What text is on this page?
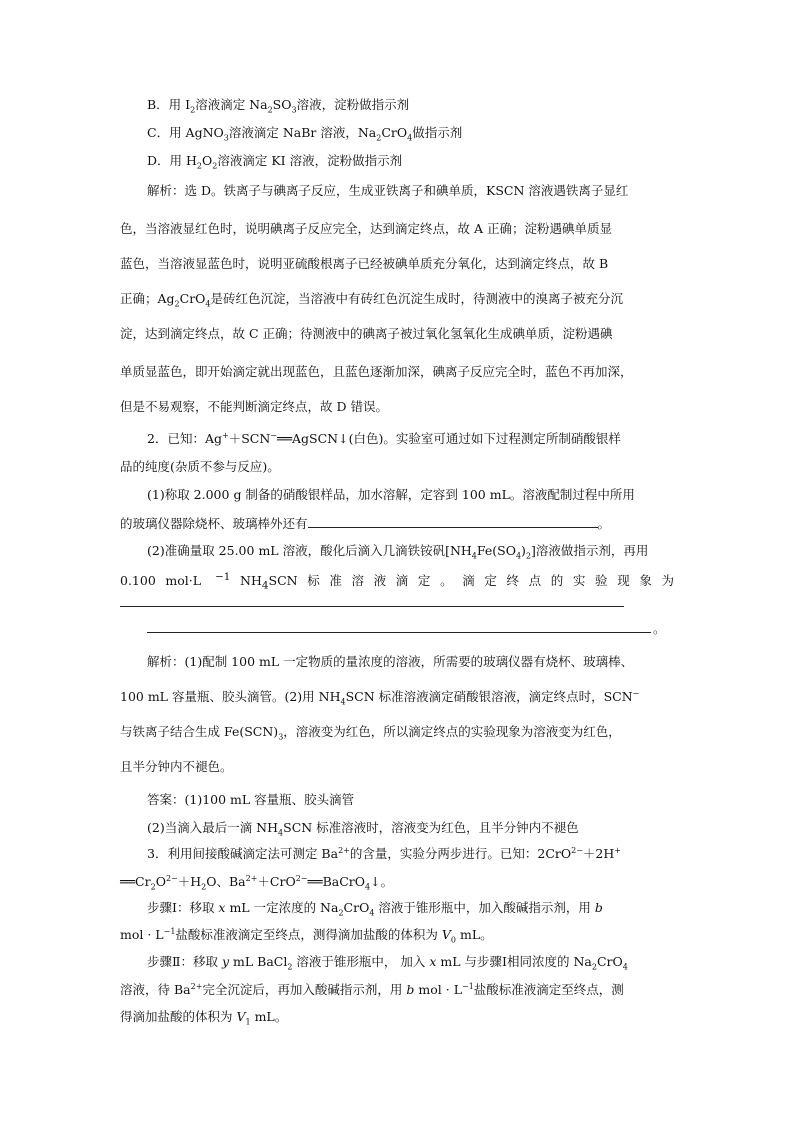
B．用 $I_2$溶液滴定 $Na_2SO_3$溶液，淀粉做指示剂
C．用 AgNO$_3$溶液滴定 NaBr 溶液，$Na_2CrO_4$做指示剂
D．用 $H_2O_2$溶液滴定 KI 溶液，淀粉做指示剂
解析：选 D。铁离子与碘离子反应，生成亚铁离子和碘单质，KSCN 溶液遇铁离子显红
色，当溶液显红色时，说明碘离子反应完全，达到滴定终点，故 A 正确；淀粉遇碘单质显
蓝色，当溶液显蓝色时，说明亚硫酸根离子已经被碘单质充分氧化，达到滴定终点，故 B
正确；$Ag_2CrO_4$是砖红色沉淀，当溶液中有砖红色沉淀生成时，待测液中的溴离子被充分沉
淀，达到滴定终点，故 C 正确；待测液中的碘离子被过氧化氢氧化生成碘单质，淀粉遇碘
单质显蓝色，即开始滴定就出现蓝色，且蓝色逐渐加深，碘离子反应完全时，蓝色不再加深，
但是不易观察，不能判断滴定终点，故 D 错误。
2．已知：Ag+＋SCN−══AgSCN↓(白色)。实验室可通过如下过程测定所制硝酸银样
品的纯度(杂质不参与反应)。
(1)称取 2.000 g 制备的硝酸银样品，加水溶解，定容到 100 mL。溶液配制过程中所用
的玻璃仪器除烧杯、玻璃棒外还有	。
(2)准确量取 25.00 mL 溶液，酸化后滴入几滴铁铵矾$[NH_4Fe(SO_4)_2]$溶液做指示剂，再用
0.100 mol·L $^{-1}$ $NH_4SCN$ 标 准 溶 液 滴 定 。 滴 定 终 点 的 实 验 现 象 为
。
解析：(1)配制 100 mL 一定物质的量浓度的溶液，所需要的玻璃仪器有烧杯、玻璃棒、
100 mL 容量瓶、胶头滴管。(2)用 $NH_4SCN$ 标准溶液滴定硝酸银溶液，滴定终点时，SCN−
与铁离子结合生成 $Fe(SCN)_3$，溶液变为红色，所以滴定终点的实验现象为溶液变为红色，
且半分钟内不褪色。
答案：(1)100 mL 容量瓶、胶头滴管
(2)当滴入最后一滴 $NH_4SCN$ 标准溶液时，溶液变为红色，且半分钟内不褪色
3．利用间接酸碱滴定法可测定 $Ba^{2+}$的含量，实验分两步进行。已知：2CrO$^{2-}$＋2H+
$══Cr_2O^{2-}+H_2O$、$Ba^{2+}+CrO^{2-}══BaCrO_4↓$。
步骤Ⅰ：移取 x mL 一定浓度的 $Na_2CrO_4$ 溶液于锥形瓶中，加入酸碱指示剂，用 b
mol · $L^{-1}$盐酸标准液滴定至终点，测得滴加盐酸的体积为 $V_0$ mL。
步骤Ⅱ：移取 y mL BaCl$_2$ 溶液于锥形瓶中， 加入 x mL 与步骤Ⅰ相同浓度的 $Na_2CrO_4$
溶液，待 $Ba^{2+}$完全沉淀后，再加入酸碱指示剂，用 b mol · $L^{-1}$盐酸标准液滴定至终点，测
得滴加盐酸的体积为 $V_1$ mL。
